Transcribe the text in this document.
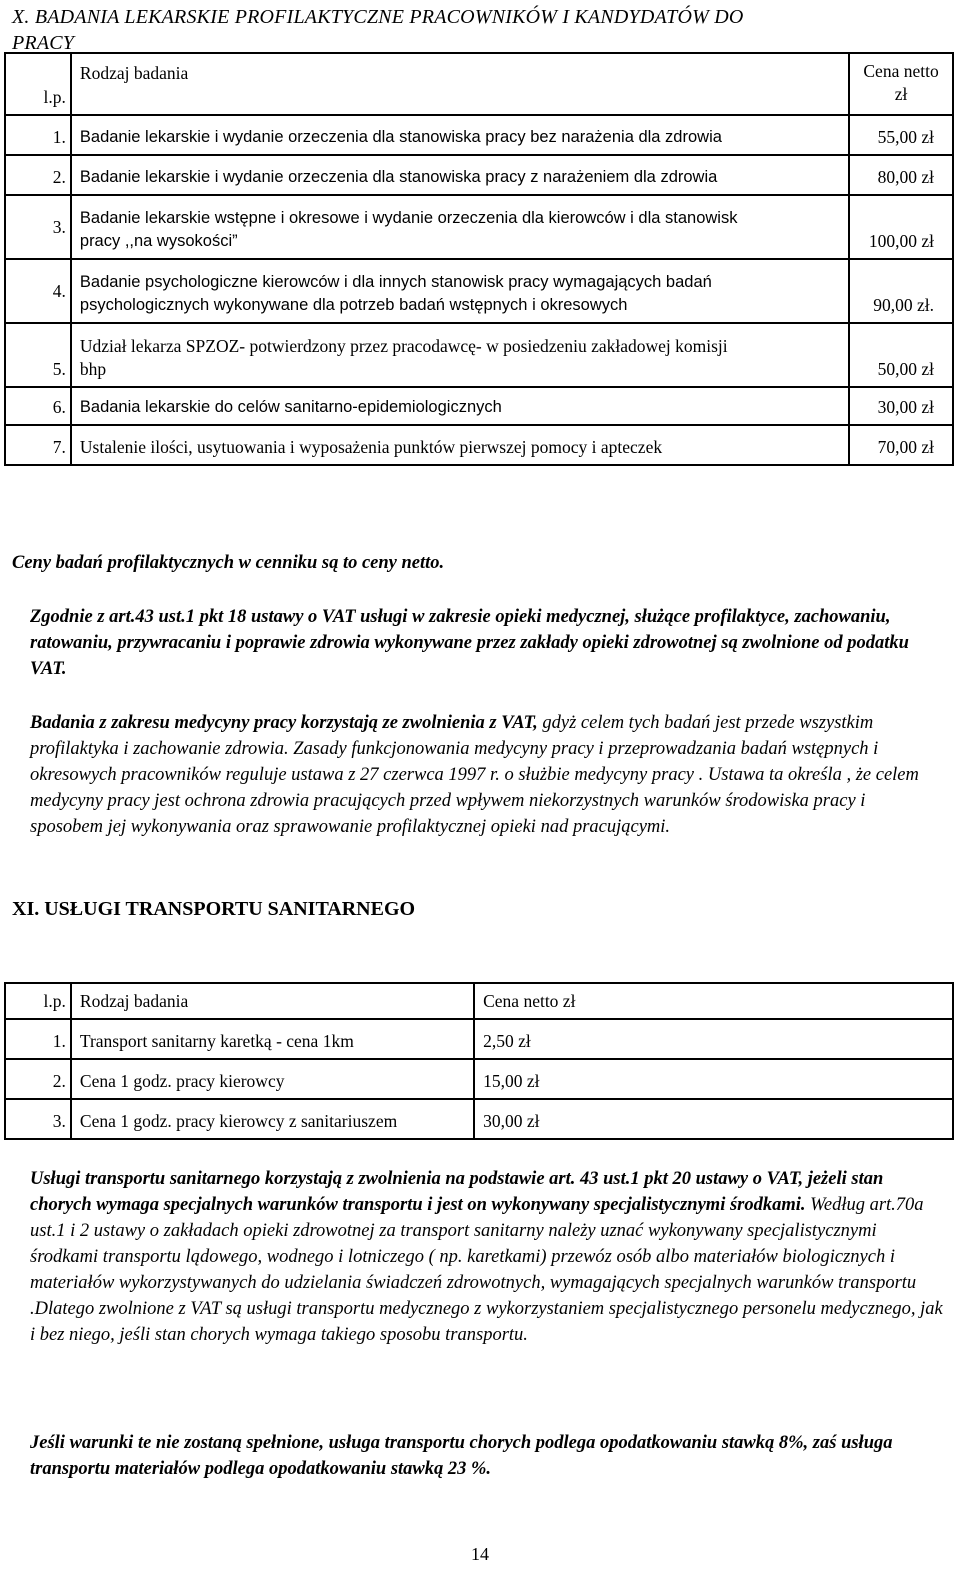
X. BADANIA LEKARSKIE PROFILAKTYCZNE PRACOWNIKÓW I KANDYDATÓW DO
PRACY
l.p.	Rodzaj badania	Cena netto
zł

1.	Badanie lekarskie i wydanie orzeczenia dla stanowiska pracy bez narażenia dla zdrowia	55,00 zł
2.	Badanie lekarskie i wydanie orzeczenia dla stanowiska pracy z narażeniem dla zdrowia	80,00 zł
3.	Badanie lekarskie wstępne i okresowe i wydanie orzeczenia dla kierowców i dla stanowisk
pracy ,,na wysokości”	100,00 zł
4.	Badanie psychologiczne kierowców i dla innych stanowisk pracy wymagających badań
psychologicznych wykonywane dla potrzeb badań wstępnych i okresowych	90,00 zł.
5.	Udział lekarza SPZOZ- potwierdzony przez pracodawcę- w posiedzeniu zakładowej komisji
bhp	50,00 zł
6.	Badania lekarskie do celów sanitarno-epidemiologicznych	30,00 zł
7.	Ustalenie ilości, usytuowania i wyposażenia punktów pierwszej pomocy i apteczek	70,00 zł
Ceny badań profilaktycznych w cenniku są to ceny netto.
Zgodnie z art.43 ust.1 pkt 18 ustawy o VAT usługi w zakresie opieki medycznej, służące profilaktyce, zachowaniu, ratowaniu, przywracaniu i poprawie zdrowia wykonywane przez zakłady opieki zdrowotnej są zwolnione od podatku VAT.
Badania z zakresu medycyny pracy korzystają ze zwolnienia z VAT, gdyż celem tych badań jest przede wszystkim profilaktyka i zachowanie zdrowia. Zasady funkcjonowania medycyny pracy i przeprowadzania badań wstępnych i okresowych pracowników reguluje ustawa z 27 czerwca 1997 r. o służbie medycyny pracy . Ustawa ta określa , że celem medycyny pracy jest ochrona zdrowia pracujących przed wpływem niekorzystnych warunków środowiska pracy i sposobem jej wykonywania oraz sprawowanie profilaktycznej opieki nad pracującymi.
XI. USŁUGI TRANSPORTU SANITARNEGO
l.p.	Rodzaj badania	Cena netto zł
1.	Transport sanitarny karetką - cena 1km	2,50 zł
2.	Cena 1 godz. pracy kierowcy	15,00 zł
3.	Cena 1 godz. pracy kierowcy z sanitariuszem	30,00 zł
Usługi transportu sanitarnego korzystają z zwolnienia na podstawie art. 43 ust.1 pkt 20 ustawy o VAT, jeżeli stan chorych wymaga specjalnych warunków transportu i jest on wykonywany specjalistycznymi środkami. Według art.70a ust.1 i 2 ustawy o zakładach opieki zdrowotnej za transport sanitarny należy uznać wykonywany specjalistycznymi środkami transportu lądowego, wodnego i lotniczego ( np. karetkami) przewóz osób albo materiałów biologicznych i materiałów wykorzystywanych do udzielania świadczeń zdrowotnych, wymagających specjalnych warunków transportu .Dlatego zwolnione z VAT są usługi transportu medycznego z wykorzystaniem specjalistycznego personelu medycznego, jak i bez niego, jeśli stan chorych wymaga takiego sposobu transportu.
Jeśli warunki te nie zostaną spełnione, usługa transportu chorych podlega opodatkowaniu stawką 8%, zaś usługa transportu materiałów podlega opodatkowaniu stawką 23 %.
14
